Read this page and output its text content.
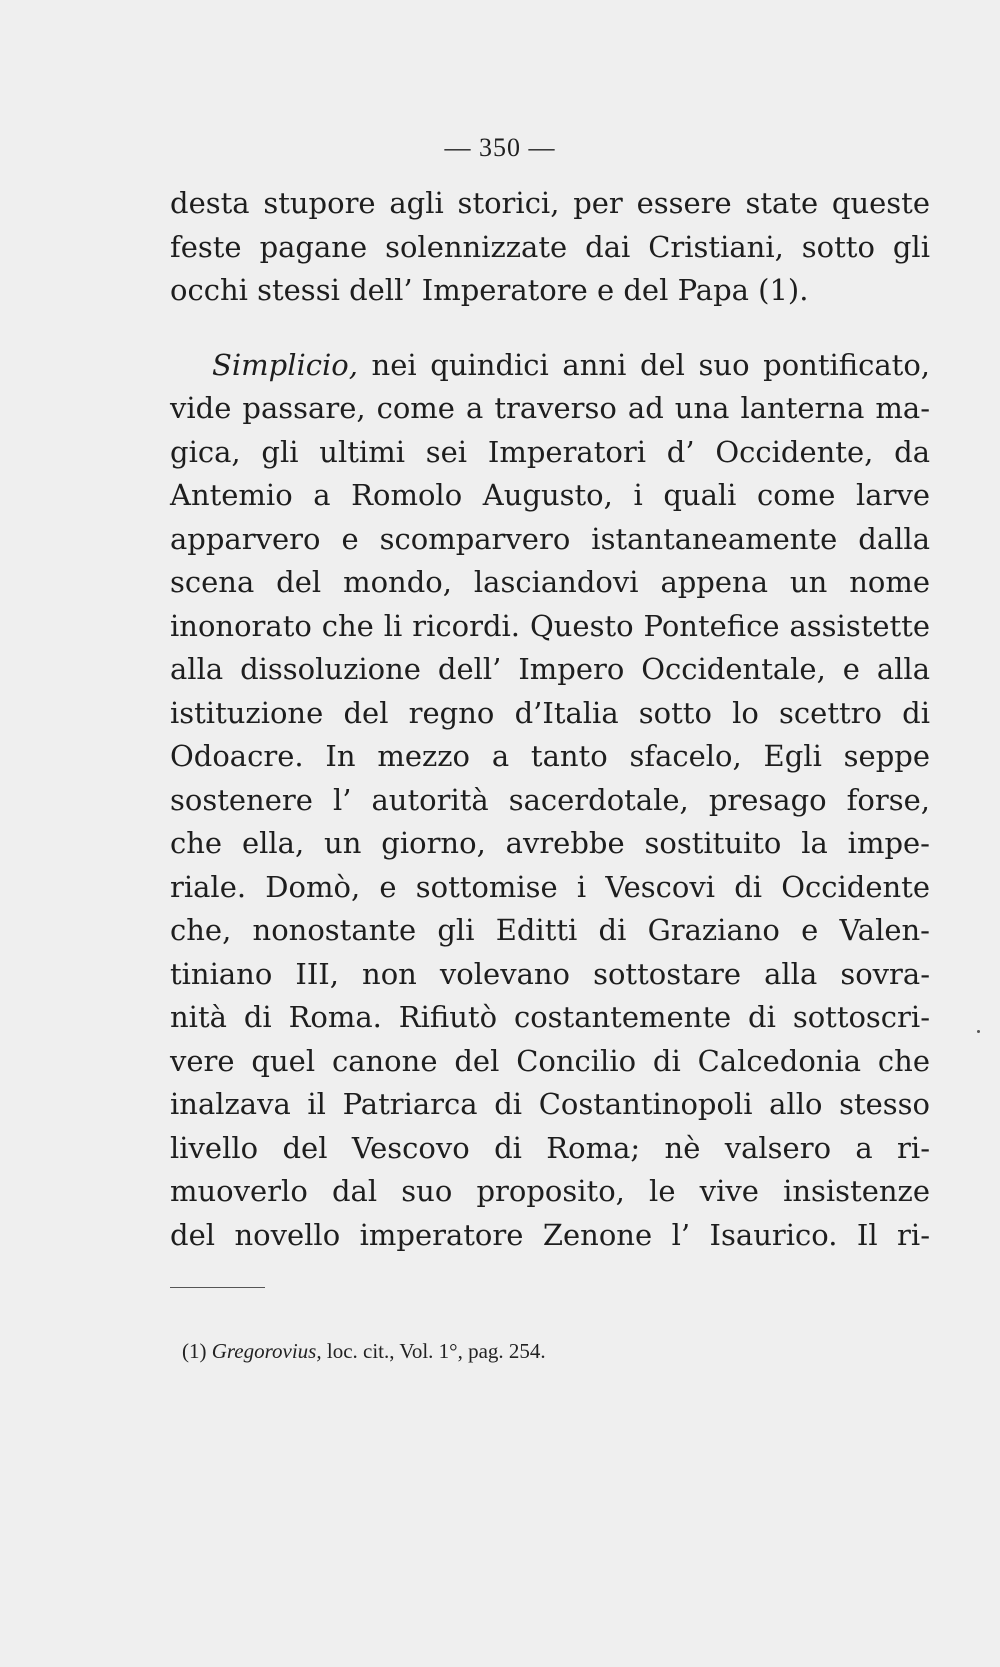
— 350 —
desta stupore agli storici, per essere state queste
feste pagane solennizzate dai Cristiani, sotto gli
occhi stessi dell’ Imperatore e del Papa (1).
Simplicio, nei quindici anni del suo pontificato,
vide passare, come a traverso ad una lanterna ma-
gica, gli ultimi sei Imperatori d’ Occidente, da
Antemio a Romolo Augusto, i quali come larve
apparvero e scomparvero istantaneamente dalla
scena del mondo, lasciandovi appena un nome
inonorato che li ricordi. Questo Pontefice assistette
alla dissoluzione dell’ Impero Occidentale, e alla
istituzione del regno d’Italia sotto lo scettro di
Odoacre. In mezzo a tanto sfacelo, Egli seppe
sostenere l’ autorità sacerdotale, presago forse,
che ella, un giorno, avrebbe sostituito la impe-
riale. Domò, e sottomise i Vescovi di Occidente
che, nonostante gli Editti di Graziano e Valen-
tiniano III, non volevano sottostare alla sovra-
nità di Roma. Rifiutò costantemente di sottoscri-
vere quel canone del Concilio di Calcedonia che
inalzava il Patriarca di Costantinopoli allo stesso
livello del Vescovo di Roma; nè valsero a ri-
muoverlo dal suo proposito, le vive insistenze
del novello imperatore Zenone l’ Isaurico. Il ri-
(1) Gregorovius, loc. cit., Vol. 1°, pag. 254.
